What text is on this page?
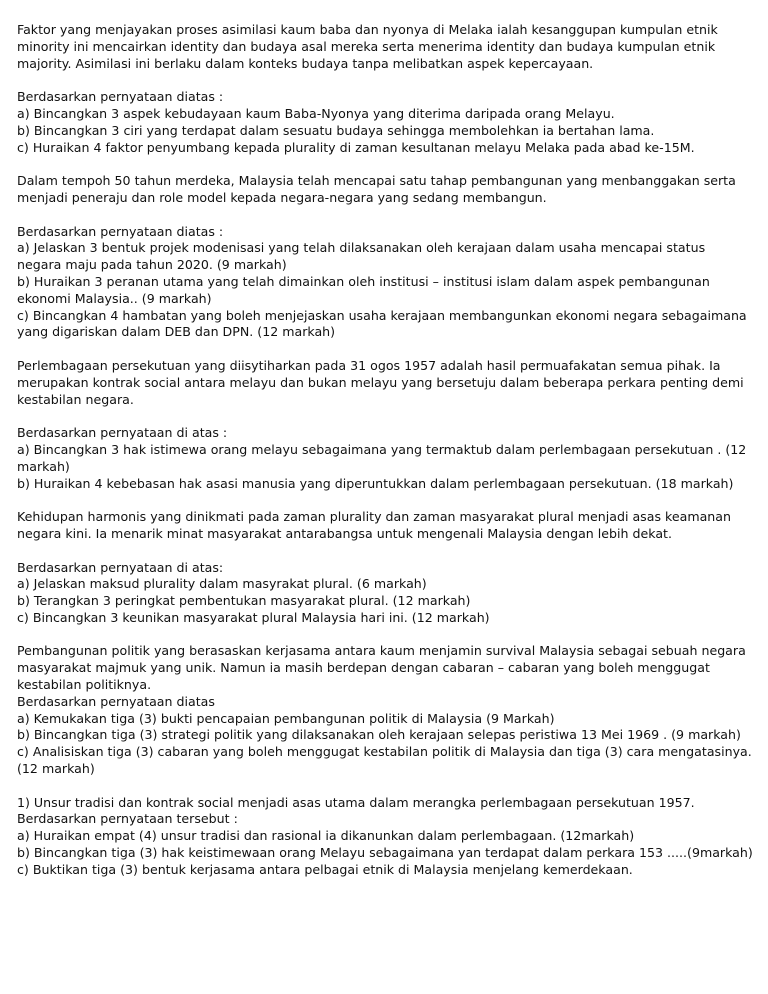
Faktor yang menjayakan proses asimilasi kaum baba dan nyonya di Melaka ialah kesanggupan kumpulan etnik minority ini mencairkan identity dan budaya asal mereka serta menerima identity dan budaya kumpulan etnik majority. Asimilasi ini berlaku dalam konteks budaya tanpa melibatkan aspek kepercayaan.
Berdasarkan pernyataan diatas :
a) Bincangkan 3 aspek kebudayaan kaum Baba-Nyonya yang diterima daripada orang Melayu.
b) Bincangkan 3 ciri yang terdapat dalam sesuatu budaya sehingga membolehkan ia bertahan lama.
c) Huraikan 4 faktor penyumbang kepada plurality di zaman kesultanan melayu Melaka pada abad ke-15M.
Dalam tempoh 50 tahun merdeka, Malaysia telah mencapai satu tahap pembangunan yang menbanggakan serta menjadi peneraju dan role model kepada negara-negara yang sedang membangun.
Berdasarkan pernyataan diatas :
a) Jelaskan 3 bentuk projek modenisasi yang telah dilaksanakan oleh kerajaan dalam usaha mencapai status negara maju pada tahun 2020. (9 markah)
b) Huraikan 3 peranan utama yang telah dimainkan oleh institusi – institusi islam dalam aspek pembangunan ekonomi Malaysia.. (9 markah)
c) Bincangkan 4 hambatan yang boleh menjejaskan usaha kerajaan membangunkan ekonomi negara sebagaimana yang digariskan dalam DEB dan DPN. (12 markah)
Perlembagaan persekutuan yang diisytiharkan pada 31 ogos 1957 adalah hasil permuafakatan semua pihak. Ia merupakan kontrak social antara melayu dan bukan melayu yang bersetuju dalam beberapa perkara penting demi kestabilan negara.
Berdasarkan pernyataan di atas :
a) Bincangkan 3 hak istimewa orang melayu sebagaimana yang termaktub dalam perlembagaan persekutuan . (12 markah)
b) Huraikan 4 kebebasan hak asasi manusia yang diperuntukkan dalam perlembagaan persekutuan. (18 markah)
Kehidupan harmonis yang dinikmati pada zaman plurality dan zaman masyarakat plural menjadi asas keamanan negara kini. Ia menarik minat masyarakat antarabangsa untuk mengenali Malaysia dengan lebih dekat.
Berdasarkan pernyataan di atas:
a) Jelaskan maksud plurality dalam masyrakat plural. (6 markah)
b) Terangkan 3 peringkat pembentukan masyarakat plural. (12 markah)
c) Bincangkan 3 keunikan masyarakat plural Malaysia hari ini. (12 markah)
Pembangunan politik yang berasaskan kerjasama antara kaum menjamin survival Malaysia sebagai sebuah negara masyarakat majmuk yang unik. Namun ia masih berdepan dengan cabaran – cabaran yang boleh menggugat kestabilan politiknya.
Berdasarkan pernyataan diatas
a) Kemukakan tiga (3) bukti pencapaian pembangunan politik di Malaysia (9 Markah)
b) Bincangkan tiga (3) strategi politik yang dilaksanakan oleh kerajaan selepas peristiwa 13 Mei 1969 . (9 markah)
c) Analisiskan tiga (3) cabaran yang boleh menggugat kestabilan politik di Malaysia dan tiga (3) cara mengatasinya. (12 markah)
1) Unsur tradisi dan kontrak social menjadi asas utama dalam merangka perlembagaan persekutuan 1957. Berdasarkan pernyataan tersebut :
a) Huraikan empat (4) unsur tradisi dan rasional ia dikanunkan dalam perlembagaan. (12markah)
b) Bincangkan tiga (3) hak keistimewaan orang Melayu sebagaimana yan terdapat dalam perkara 153 .....(9markah)
c) Buktikan tiga (3) bentuk kerjasama antara pelbagai etnik di Malaysia menjelang kemerdekaan.
